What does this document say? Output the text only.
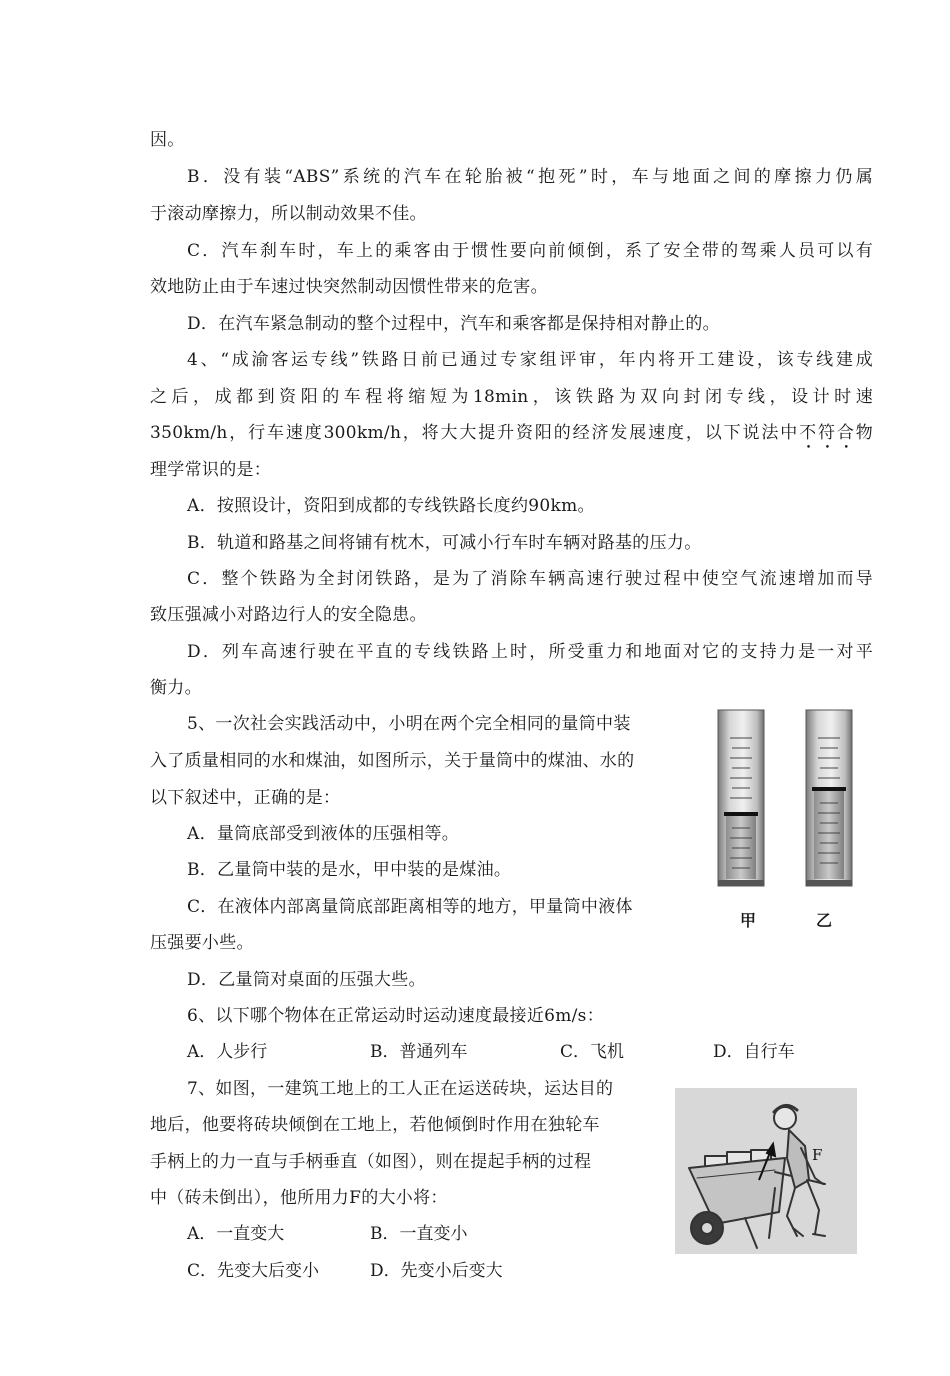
因。
B．没有装“ABS”系统的汽车在轮胎被“抱死”时，车与地面之间的摩擦力仍属
于滚动摩擦力，所以制动效果不佳。
C．汽车刹车时，车上的乘客由于惯性要向前倾倒，系了安全带的驾乘人员可以有
效地防止由于车速过快突然制动因惯性带来的危害。
D．在汽车紧急制动的整个过程中，汽车和乘客都是保持相对静止的。
4、“成渝客运专线”铁路日前已通过专家组评审，年内将开工建设，该专线建成
之后，成都到资阳的车程将缩短为18min，该铁路为双向封闭专线，设计时速
350km/h，行车速度300km/h，将大大提升资阳的经济发展速度，以下说法中不符合物
理学常识的是：
A．按照设计，资阳到成都的专线铁路长度约90km。
B．轨道和路基之间将铺有枕木，可减小行车时车辆对路基的压力。
C．整个铁路为全封闭铁路，是为了消除车辆高速行驶过程中使空气流速增加而导
致压强减小对路边行人的安全隐患。
D．列车高速行驶在平直的专线铁路上时，所受重力和地面对它的支持力是一对平
衡力。
5、一次社会实践活动中，小明在两个完全相同的量筒中装
入了质量相同的水和煤油，如图所示，关于量筒中的煤油、水的
以下叙述中，正确的是：
A．量筒底部受到液体的压强相等。
B．乙量筒中装的是水，甲中装的是煤油。
C．在液体内部离量筒底部距离相等的地方，甲量筒中液体
压强要小些。
D．乙量筒对桌面的压强大些。
甲	乙
6、以下哪个物体在正常运动时运动速度最接近6m/s：
A．人步行	B．普通列车	C．飞机	D．自行车
7、如图，一建筑工地上的工人正在运送砖块，运达目的
地后，他要将砖块倾倒在工地上，若他倾倒时作用在独轮车
手柄上的力一直与手柄垂直（如图），则在提起手柄的过程
中（砖未倒出），他所用力F的大小将：
A．一直变大	B．一直变小
C．先变大后变小	D．先变小后变大
F
